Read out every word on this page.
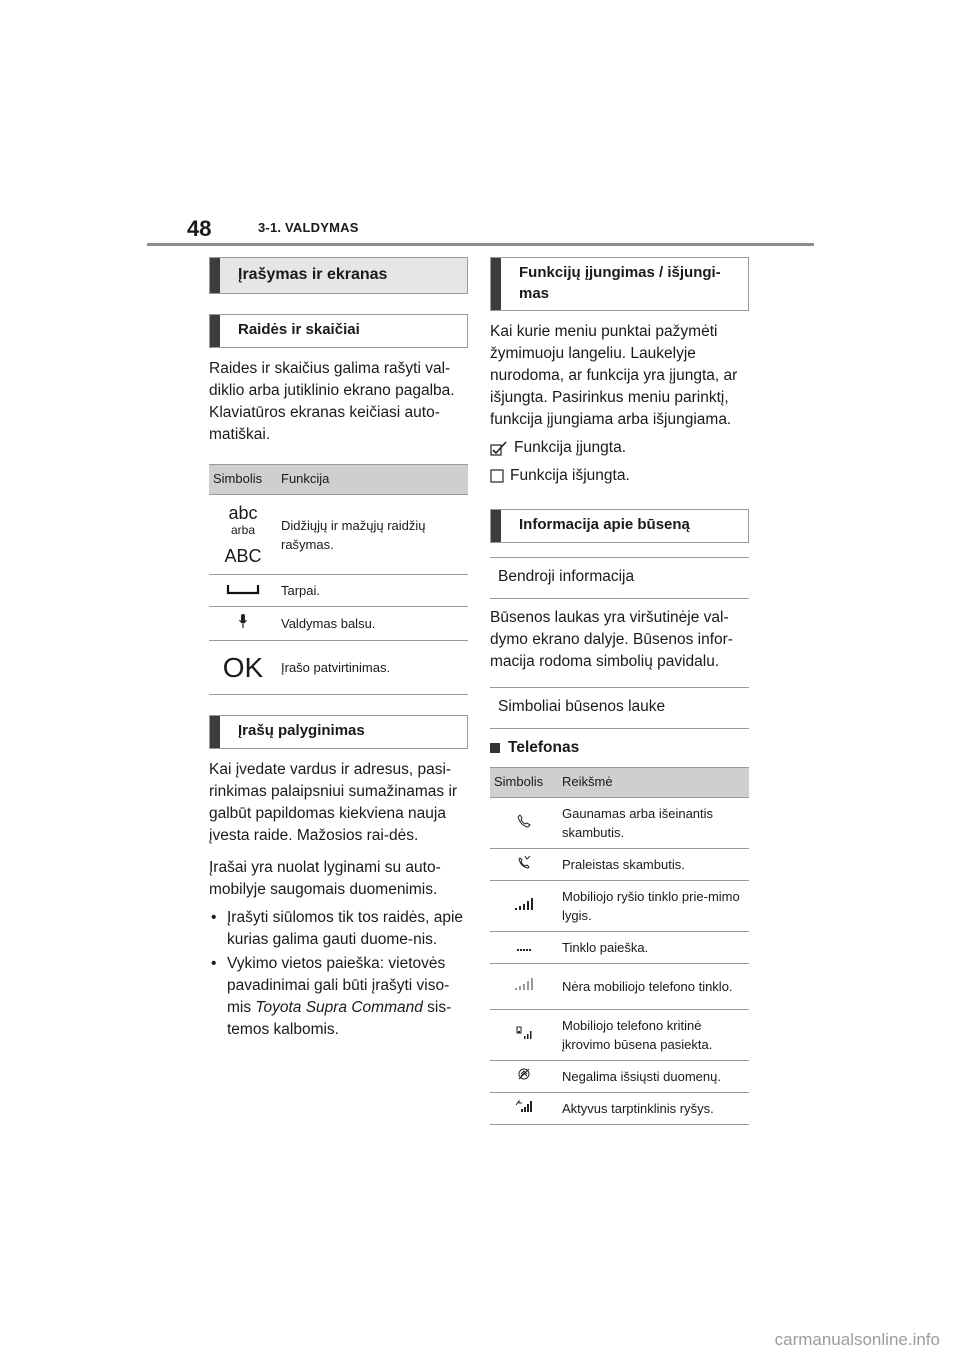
48	3-1. VALDYMAS
Įrašymas ir ekranas
Raidės ir skaičiai

Raides ir skaičius galima rašyti val-diklio arba jutiklinio ekrano pagalba. Klaviatūros ekranas keičiasi auto-matiškai.

Simbolis	Funkcija

abc
arba
ABC	Didžiųjų ir mažųjų raidžių rašymas.
	Tarpai.
	Valdymas balsu.

OK	Įrašo patvirtinimas.
Įrašų palyginimas

Kai įvedate vardus ir adresus, pasi-rinkimas palaipsniui sumažinamas ir galbūt papildomas kiekviena nauja įvesta raide. Mažosios rai-dės.

Įrašai yra nuolat lyginami su auto-mobilyje saugomais duomenimis.

• Įrašyti siūlomos tik tos raidės, apie kurias galima gauti duome-nis.
• Vykimo vietos paieška: vietovės pavadinimai gali būti įrašyti viso-mis Toyota Supra Command sis-temos kalbomis.
Funkcijų įjungimas / išjungi-mas

Kai kurie meniu punktai pažymėti žymimuoju langeliu. Laukelyje nurodoma, ar funkcija yra įjungta, ar išjungta. Pasirinkus meniu parinktį, funkcija įjungiama arba išjungiama.

Funkcija įjungta.
Funkcija išjungta.
Informacija apie būseną
Bendroji informacija

Būsenos laukas yra viršutinėje val-dymo ekrano dalyje. Būsenos infor-macija rodoma simbolių pavidalu.

Simboliai būsenos lauke
Telefonas
Simbolis	Reikšmė
	Gaunamas arba išeinantis skambutis.
	Praleistas skambutis.
	Mobiliojo ryšio tinklo prie-mimo lygis.
	Tinklo paieška.
	Nėra mobiliojo telefono tinklo.
	Mobiliojo telefono kritinė įkrovimo būsena pasiekta.
	Negalima išsiųsti duomenų.
	Aktyvus tarptinklinis ryšys.
carmanualsonline.info
